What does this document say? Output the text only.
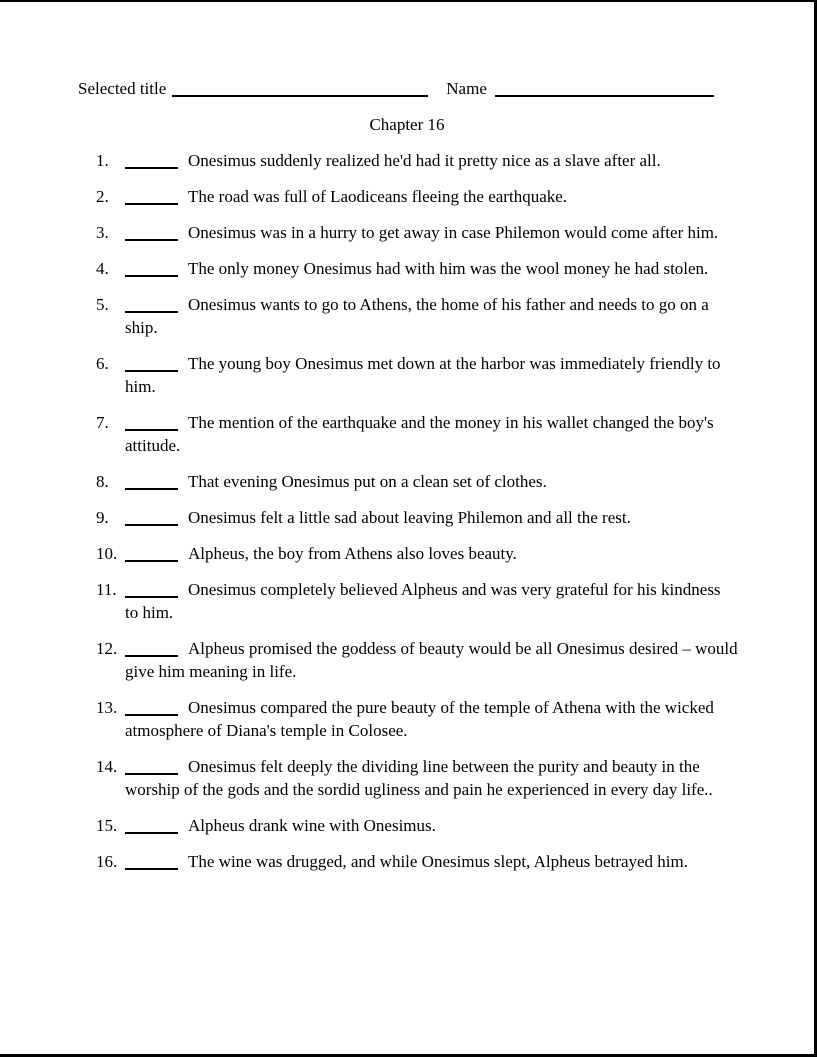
Selected title	Name
Chapter 16
1.	Onesimus suddenly realized he'd had it pretty nice as a slave after all.
2.	The road was full of Laodiceans fleeing the earthquake.
3.	Onesimus was in a hurry to get away in case Philemon would come after him.
4.	The only money Onesimus had with him was the wool money he had stolen.
5.	Onesimus wants to go to Athens, the home of his father and needs to go on a ship.
6.	The young boy Onesimus met down at the harbor was immediately friendly to him.
7.	The mention of the earthquake and the money in his wallet changed the boy's attitude.
8.	That evening Onesimus put on a clean set of clothes.
9.	Onesimus felt a little sad about leaving Philemon and all the rest.
10.	Alpheus, the boy from Athens also loves beauty.
11.	Onesimus completely believed Alpheus and was very grateful for his kindness to him.
12.	Alpheus promised the goddess of beauty would be all Onesimus desired – would give him meaning in life.
13.	Onesimus compared the pure beauty of the temple of Athena with the wicked atmosphere of Diana's temple in Colosee.
14.	Onesimus felt deeply the dividing line between the purity and beauty in the worship of the gods and the sordid ugliness and pain he experienced in every day life..
15.	Alpheus drank wine with Onesimus.
16.	The wine was drugged, and while Onesimus slept, Alpheus betrayed him.
